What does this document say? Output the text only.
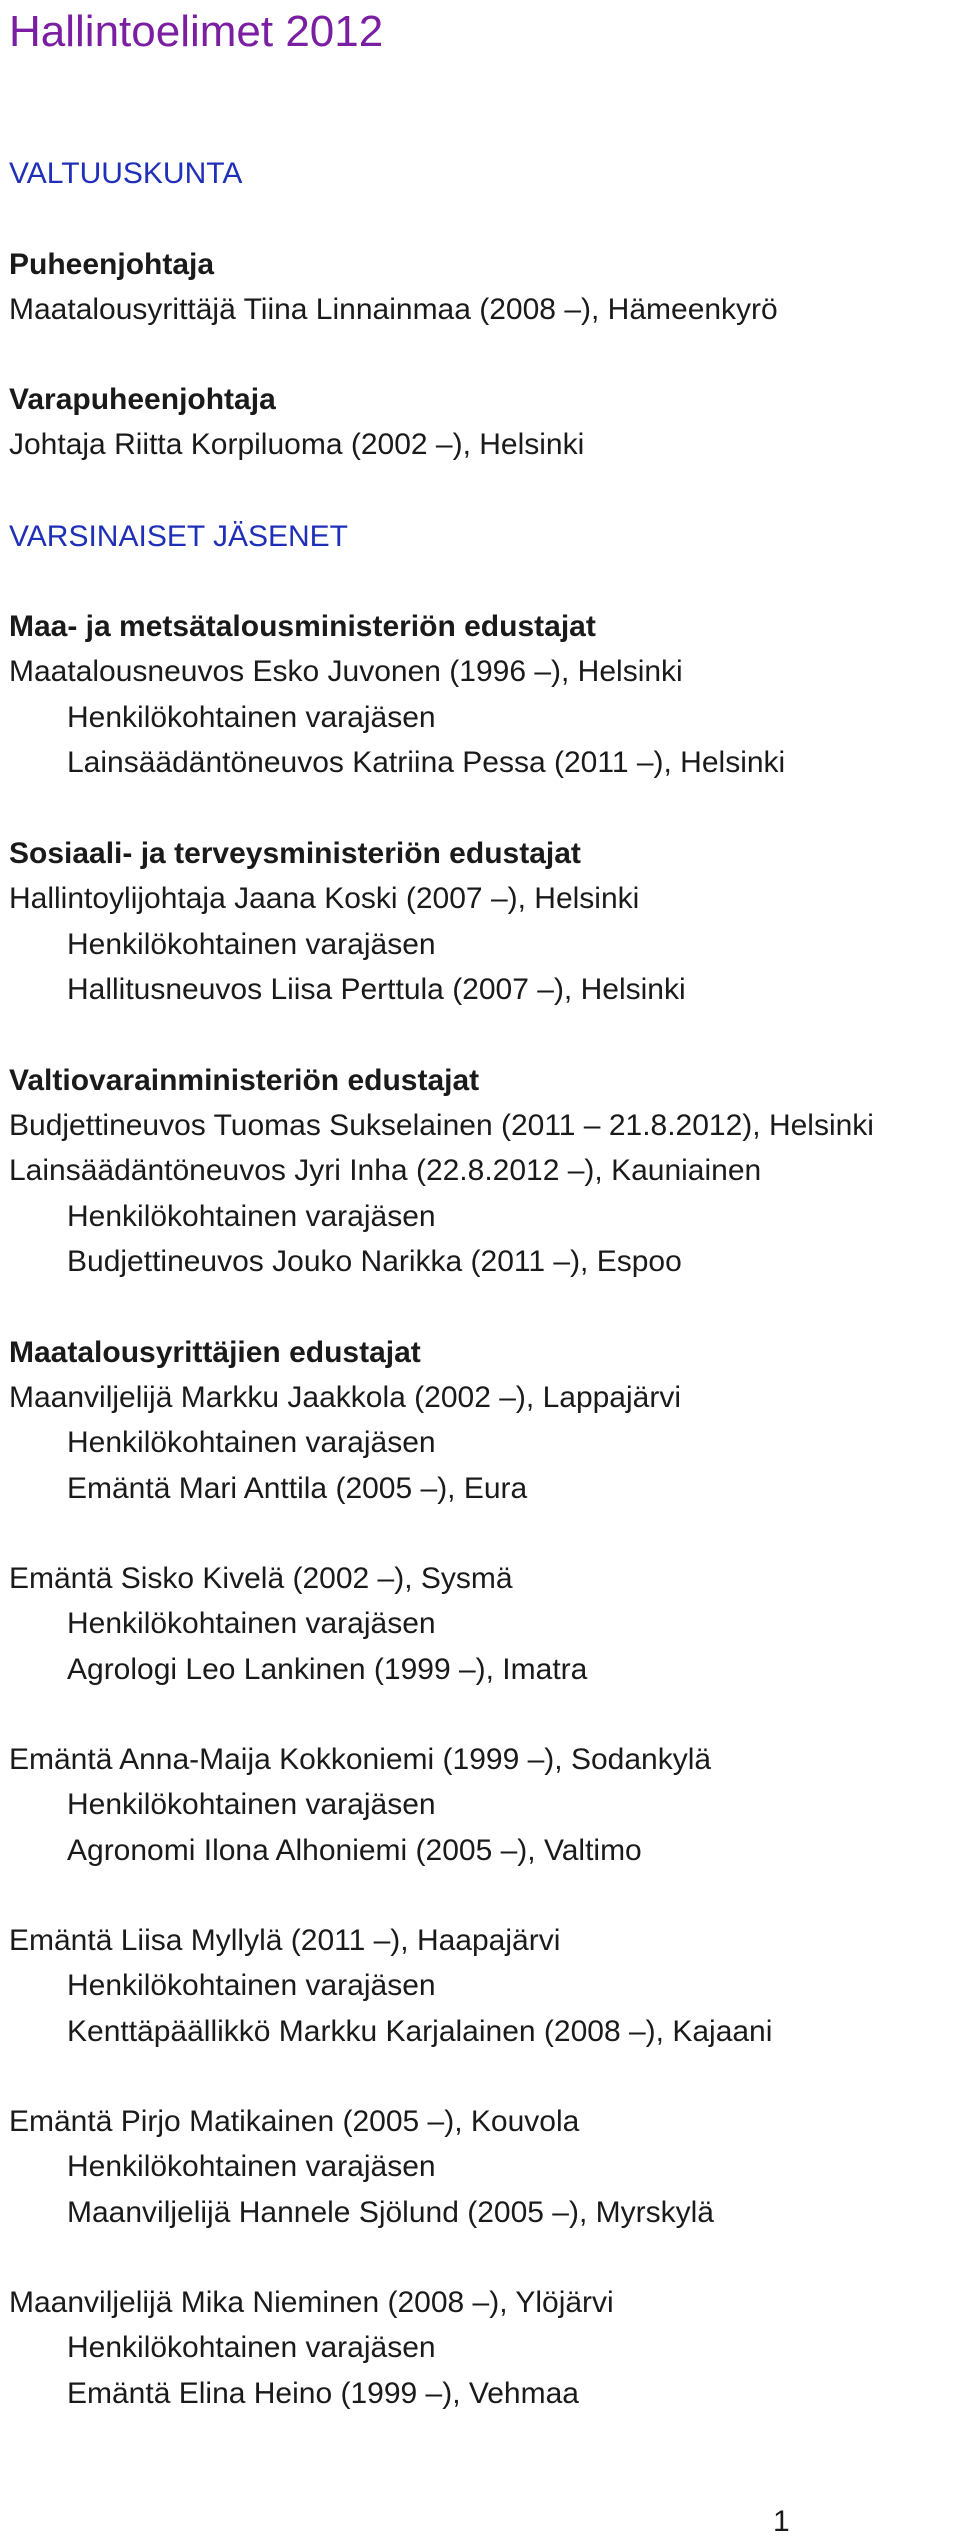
Hallintoelimet 2012
VALTUUSKUNTA
Puheenjohtaja
Maatalousyrittäjä Tiina Linnainmaa (2008 –), Hämeenkyrö
Varapuheenjohtaja
Johtaja Riitta Korpiluoma (2002 –), Helsinki
VARSINAISET JÄSENET
Maa- ja metsätalousministeriön edustajat
Maatalousneuvos Esko Juvonen (1996 –), Helsinki
Henkilökohtainen varajäsen
Lainsäädäntöneuvos Katriina Pessa (2011 –), Helsinki
Sosiaali- ja terveysministeriön edustajat
Hallintoylijohtaja Jaana Koski (2007 –), Helsinki
Henkilökohtainen varajäsen
Hallitusneuvos Liisa Perttula (2007 –), Helsinki
Valtiovarainministeriön edustajat
Budjettineuvos Tuomas Sukselainen (2011 – 21.8.2012), Helsinki
Lainsäädäntöneuvos Jyri Inha (22.8.2012 –), Kauniainen
Henkilökohtainen varajäsen
Budjettineuvos Jouko Narikka (2011 –), Espoo
Maatalousyrittäjien edustajat
Maanviljelijä Markku Jaakkola (2002 –), Lappajärvi
Henkilökohtainen varajäsen
Emäntä Mari Anttila (2005 –), Eura
Emäntä Sisko Kivelä (2002 –), Sysmä
Henkilökohtainen varajäsen
Agrologi Leo Lankinen (1999 –), Imatra
Emäntä Anna-Maija Kokkoniemi (1999 –), Sodankylä
Henkilökohtainen varajäsen
Agronomi Ilona Alhoniemi (2005 –), Valtimo
Emäntä Liisa Myllylä (2011 –), Haapajärvi
Henkilökohtainen varajäsen
Kenttäpäällikkö Markku Karjalainen (2008 –), Kajaani
Emäntä Pirjo Matikainen (2005 –), Kouvola
Henkilökohtainen varajäsen
Maanviljelijä Hannele Sjölund (2005 –), Myrskylä
Maanviljelijä Mika Nieminen (2008 –), Ylöjärvi
Henkilökohtainen varajäsen
Emäntä Elina Heino (1999 –), Vehmaa
1
